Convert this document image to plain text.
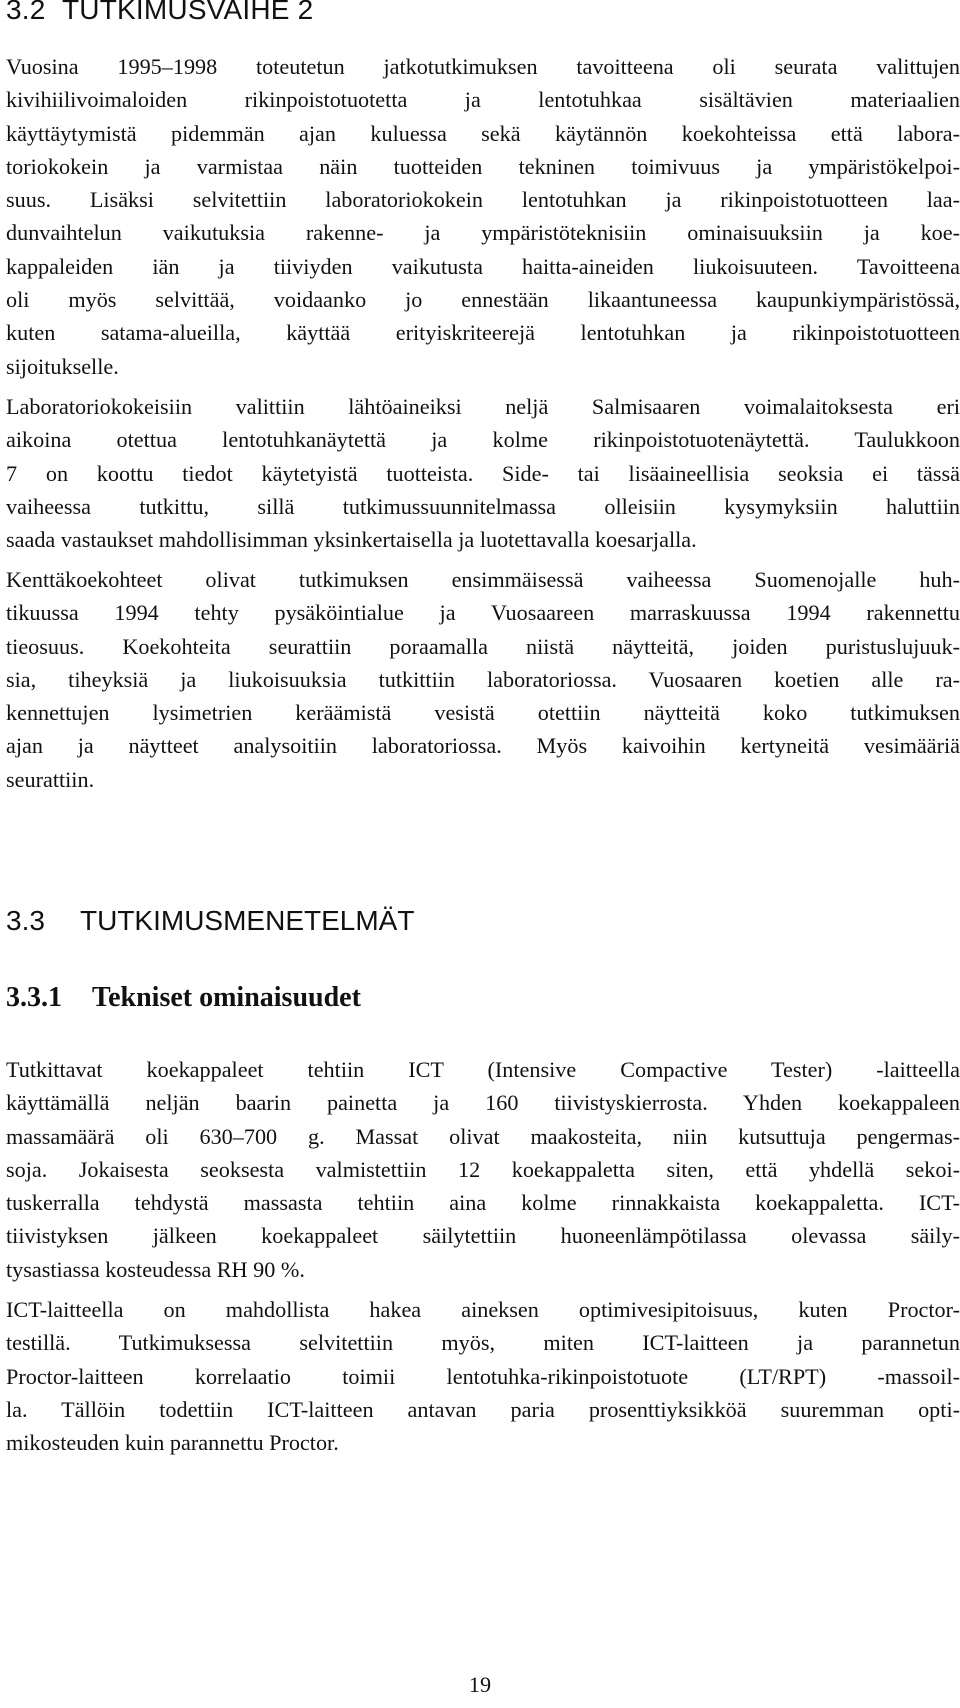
3.2 TUTKIMUSVAIHE 2
Vuosina 1995–1998 toteutetun jatkotutkimuksen tavoitteena oli seurata valittujen
kivihiilivoimaloiden rikinpoistotuotetta ja lentotuhkaa sisältävien materiaalien
käyttäytymistä pidemmän ajan kuluessa sekä käytännön koekohteissa että labora-
toriokokein ja varmistaa näin tuotteiden tekninen toimivuus ja ympäristökelpoi-
suus. Lisäksi selvitettiin laboratoriokokein lentotuhkan ja rikinpoistotuotteen laa-
dunvaihtelun vaikutuksia rakenne- ja ympäristöteknisiin ominaisuuksiin ja koe-
kappaleiden iän ja tiiviyden vaikutusta haitta-aineiden liukoisuuteen. Tavoitteena
oli myös selvittää, voidaanko jo ennestään likaantuneessa kaupunkiympäristössä,
kuten satama-alueilla, käyttää erityiskriteerejä lentotuhkan ja rikinpoistotuotteen
sijoitukselle.
Laboratoriokokeisiin valittiin lähtöaineiksi neljä Salmisaaren voimalaitoksesta eri
aikoina otettua lentotuhkanäytettä ja kolme rikinpoistotuotenäytettä. Taulukkoon
7 on koottu tiedot käytetyistä tuotteista. Side- tai lisäaineellisia seoksia ei tässä
vaiheessa tutkittu, sillä tutkimussuunnitelmassa olleisiin kysymyksiin haluttiin
saada vastaukset mahdollisimman yksinkertaisella ja luotettavalla koesarjalla.
Kenttäkoekohteet olivat tutkimuksen ensimmäisessä vaiheessa Suomenojalle huh-
tikuussa 1994 tehty pysäköintialue ja Vuosaareen marraskuussa 1994 rakennettu
tieosuus. Koekohteita seurattiin poraamalla niistä näytteitä, joiden puristuslujuuk-
sia, tiheyksiä ja liukoisuuksia tutkittiin laboratoriossa. Vuosaaren koetien alle ra-
kennettujen lysimetrien keräämistä vesistä otettiin näytteitä koko tutkimuksen
ajan ja näytteet analysoitiin laboratoriossa. Myös kaivoihin kertyneitä vesimääriä
seurattiin.
3.3 TUTKIMUSMENETELMÄT
3.3.1 Tekniset ominaisuudet
Tutkittavat koekappaleet tehtiin ICT (Intensive Compactive Tester) -laitteella
käyttämällä neljän baarin painetta ja 160 tiivistyskierrosta. Yhden koekappaleen
massamäärä oli 630–700 g. Massat olivat maakosteita, niin kutsuttuja pengermas-
soja. Jokaisesta seoksesta valmistettiin 12 koekappaletta siten, että yhdellä sekoi-
tuskerralla tehdystä massasta tehtiin aina kolme rinnakkaista koekappaletta. ICT-
tiivistyksen jälkeen koekappaleet säilytettiin huoneenlämpötilassa olevassa säily-
tysastiassa kosteudessa RH 90 %.
ICT-laitteella on mahdollista hakea aineksen optimivesipitoisuus, kuten Proctor-
testillä. Tutkimuksessa selvitettiin myös, miten ICT-laitteen ja parannetun
Proctor-laitteen korrelaatio toimii lentotuhka-rikinpoistotuote (LT/RPT) -massoil-
la. Tällöin todettiin ICT-laitteen antavan paria prosenttiyksikköä suuremman opti-
mikosteuden kuin parannettu Proctor.
19
